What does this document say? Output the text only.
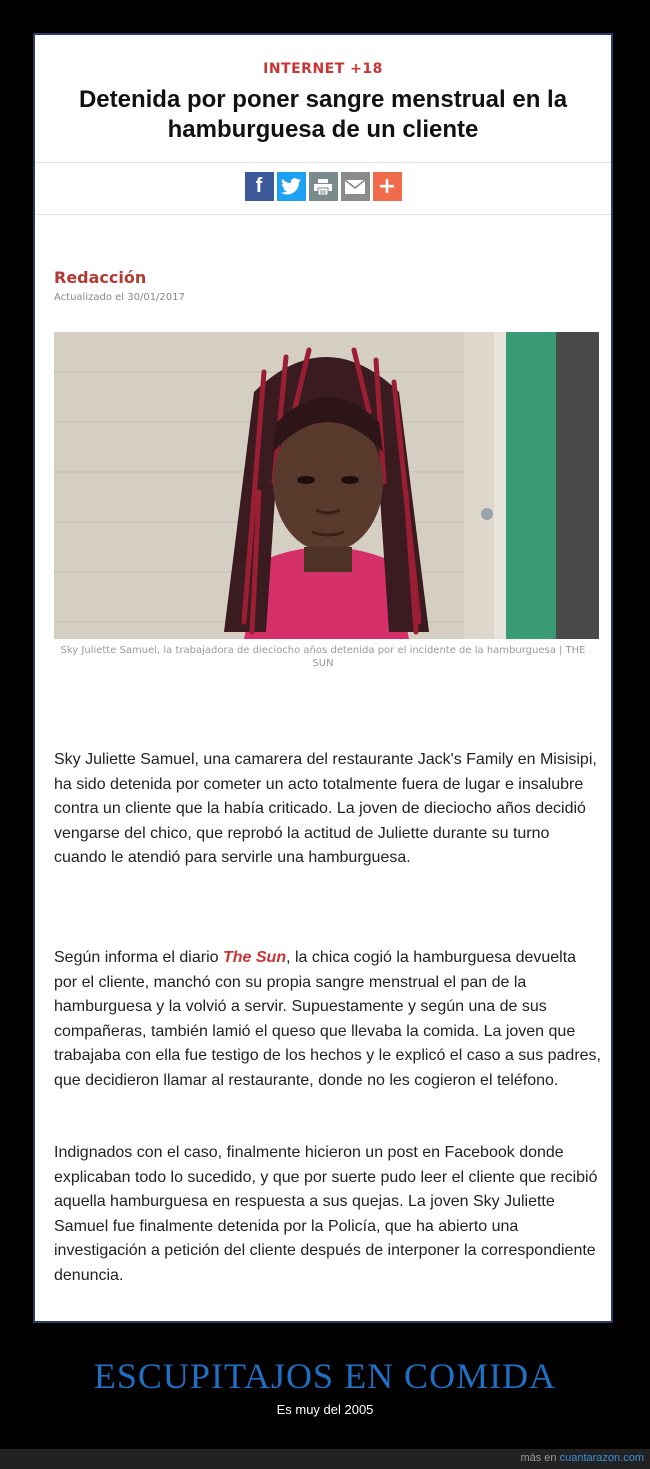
INTERNET +18
Detenida por poner sangre menstrual en la hamburguesa de un cliente
f	+
Redacción
Actualizado el 30/01/2017
Sky Juliette Samuel, la trabajadora de dieciocho años detenida por el incidente de la hamburguesa | THE SUN
Sky Juliette Samuel, una camarera del restaurante Jack's Family en Misisipi, ha sido detenida por cometer un acto totalmente fuera de lugar e insalubre contra un cliente que la había criticado. La joven de dieciocho años decidió vengarse del chico, que reprobó la actitud de Juliette durante su turno cuando le atendió para servirle una hamburguesa.
Según informa el diario The Sun, la chica cogió la hamburguesa devuelta por el cliente, manchó con su propia sangre menstrual el pan de la hamburguesa y la volvió a servir. Supuestamente y según una de sus compañeras, también lamió el queso que llevaba la comida. La joven que trabajaba con ella fue testigo de los hechos y le explicó el caso a sus padres, que decidieron llamar al restaurante, donde no les cogieron el teléfono.
Indignados con el caso, finalmente hicieron un post en Facebook donde explicaban todo lo sucedido, y que por suerte pudo leer el cliente que recibió aquella hamburguesa en respuesta a sus quejas. La joven Sky Juliette Samuel fue finalmente detenida por la Policía, que ha abierto una investigación a petición del cliente después de interponer la correspondiente denuncia.
ESCUPITAJOS EN COMIDA
Es muy del 2005
más en cuantarazon.com
